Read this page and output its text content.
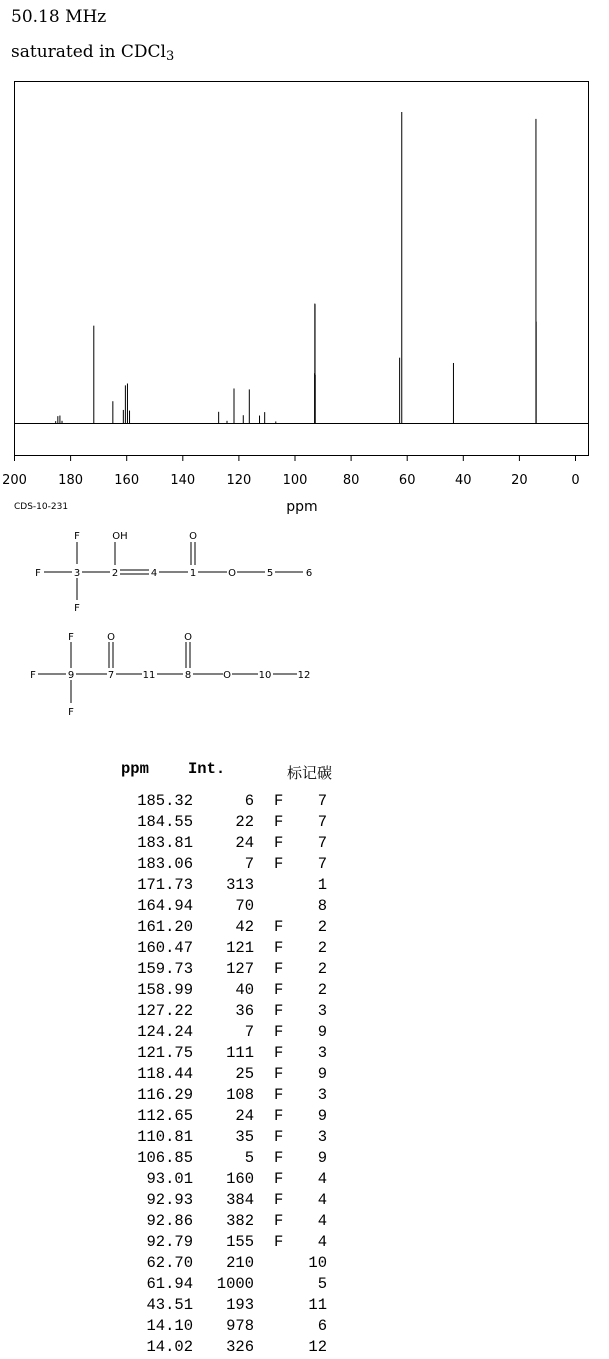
50.18 MHz
saturated in CDCl$_3$
200 180 160 140 120 100	80	60	40	20	0
ppm
CDS-10-231
F
F
F
3	2
OH
4	1
O
O	5	6
F
F
F
9	7
O
11	8
O
O	10	12
ppm	Int.	标记碳
185.32	6 F	7
184.55	22 F	7
183.81	24 F	7
183.06	7 F	7
171.73	313	1
164.94	70	8
161.20	42 F	2
160.47	121 F	2
159.73	127 F	2
158.99	40 F	2
127.22	36 F	3
124.24	7 F	9
121.75	111 F	3
118.44	25 F	9
116.29	108 F	3
112.65	24 F	9
110.81	35 F	3
106.85	5 F	9
93.01	160 F	4
92.93	384 F	4
92.86	382 F	4
92.79	155 F	4
62.70	210	10
61.94	1000	5
43.51	193	11
14.10	978	6
14.02	326	12
